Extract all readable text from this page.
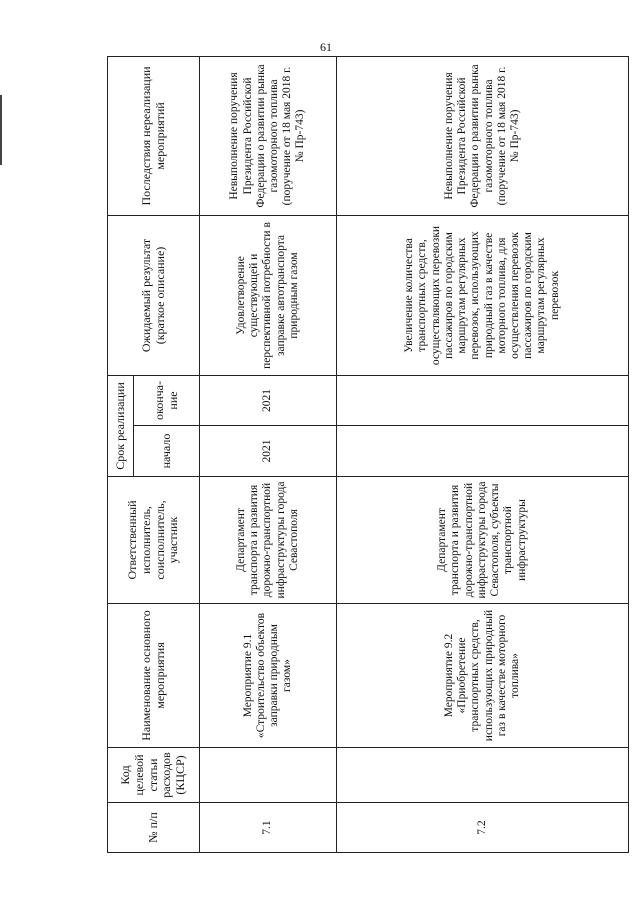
61
№ п/п	Код целевой статьи расходов (КЦСР)	Наименование основного мероприятия	Ответственный исполнитель, соисполнитель, участник	Срок реализации		Ожидаемый результат (краткое описание)	Последствия нереализации мероприятий
				начало	оконча-ние		
7.1		Мероприятие 9.1 «Строительство объектов заправки природным газом»	Департамент транспорта и развития дорожно-транспортной инфраструктуры города Севастополя	2021	2021	Удовлетворение существующей и перспективной потребности в заправке автотранспорта природным газом	Невыполнение поручения Президента Российской Федерации о развитии рынка газомоторного топлива (поручение от 18 мая 2018 г. № Пр-743)
7.2		Мероприятие 9.2 «Приобретение транспортных средств, использующих природный газ в качестве моторного топлива»	Департамент транспорта и развития дорожно-транспортной инфраструктуры города Севастополя, субъекты транспортной инфраструктуры			Увеличение количества транспортных средств, осуществляющих перевозки пассажиров по городским маршрутам регулярных перевозок, использующих природный газ в качестве моторного топлива, для осуществления перевозок пассажиров по городским маршрутам регулярных перевозок	Невыполнение поручения Президента Российской Федерации о развитии рынка газомоторного топлива (поручение от 18 мая 2018 г. № Пр-743)
